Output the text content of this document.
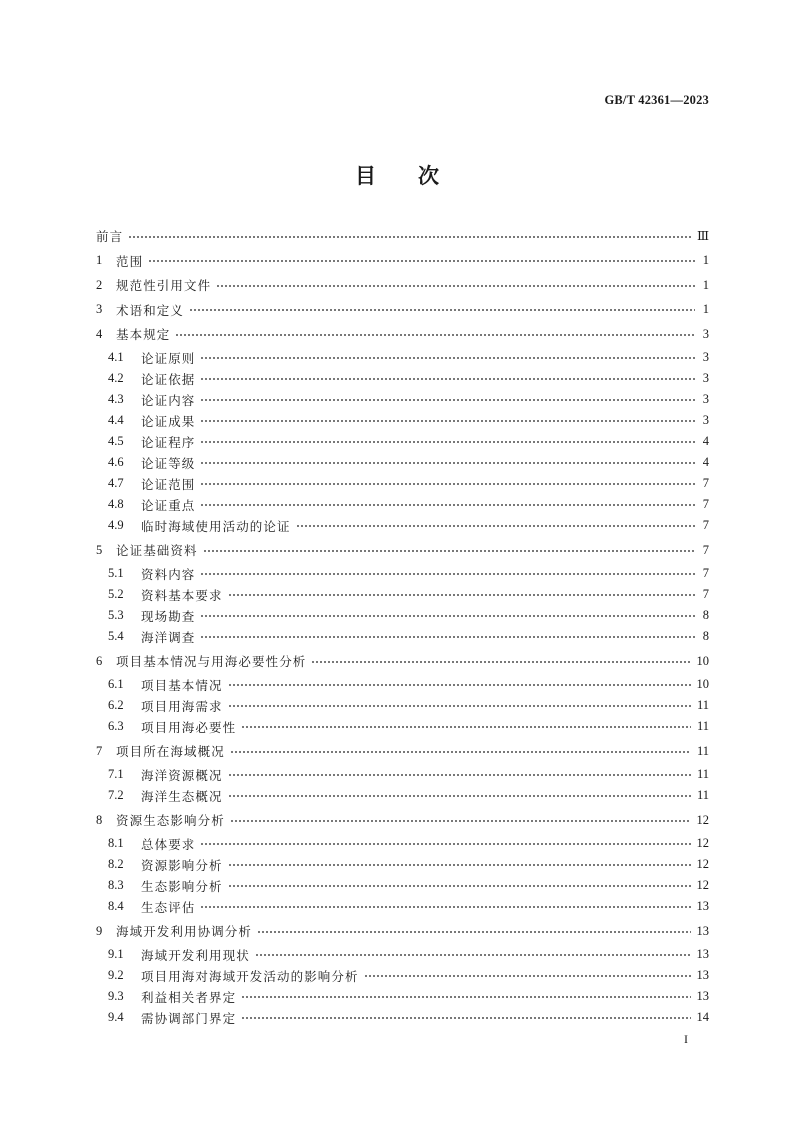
GB/T 42361—2023
目　　次
前言	Ⅲ
1	范围	1
2	规范性引用文件	1
3	术语和定义	1
4	基本规定	3
4.1	论证原则	3
4.2	论证依据	3
4.3	论证内容	3
4.4	论证成果	3
4.5	论证程序	4
4.6	论证等级	4
4.7	论证范围	7
4.8	论证重点	7
4.9	临时海域使用活动的论证	7
5	论证基础资料	7
5.1	资料内容	7
5.2	资料基本要求	7
5.3	现场勘查	8
5.4	海洋调查	8
6	项目基本情况与用海必要性分析	10
6.1	项目基本情况	10
6.2	项目用海需求	11
6.3	项目用海必要性	11
7	项目所在海域概况	11
7.1	海洋资源概况	11
7.2	海洋生态概况	11
8	资源生态影响分析	12
8.1	总体要求	12
8.2	资源影响分析	12
8.3	生态影响分析	12
8.4	生态评估	13
9	海域开发利用协调分析	13
9.1	海域开发利用现状	13
9.2	项目用海对海域开发活动的影响分析	13
9.3	利益相关者界定	13
9.4	需协调部门界定	14
I
